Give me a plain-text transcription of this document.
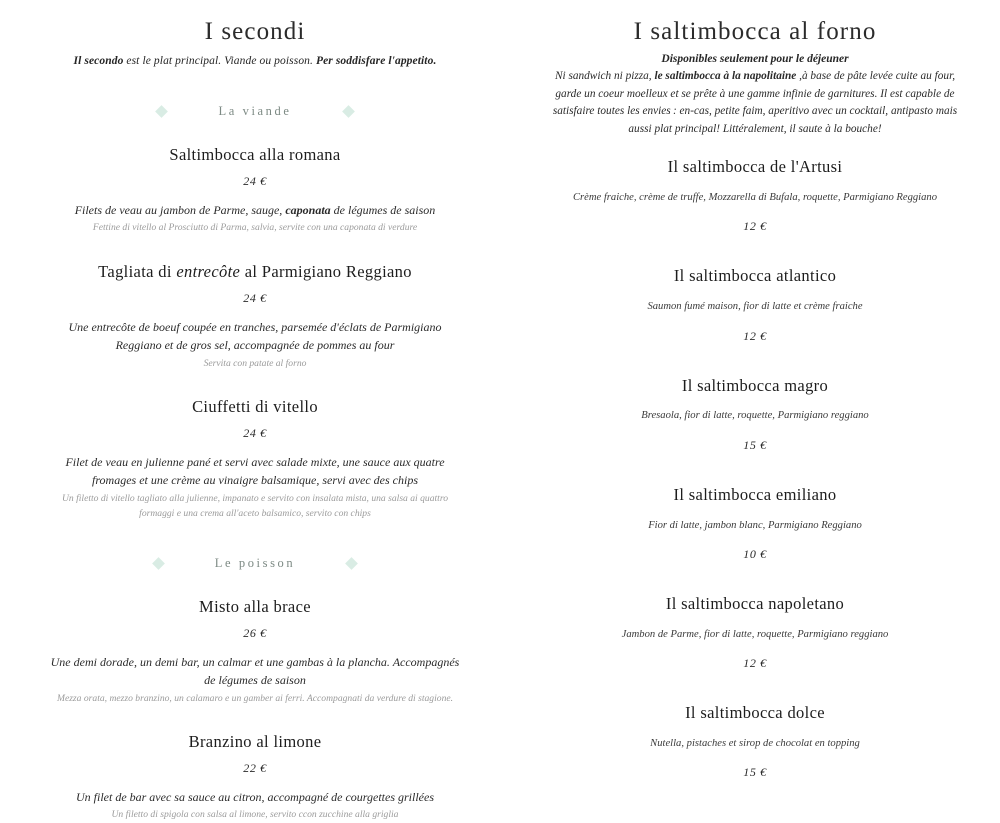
I secondi

Il secondo est le plat principal. Viande ou poisson. Per soddisfare l'appetito.

La viande
Saltimbocca alla romana
24 €
Filets de veau au jambon de Parme, sauge, caponata de légumes de saison
Fettine di vitello al Prosciutto di Parma, salvia, servite con una caponata di verdure
Tagliata di entrecôte al Parmigiano Reggiano
24 €
Une entrecôte de boeuf coupée en tranches, parsemée d'éclats de Parmigiano Reggiano et de gros sel, accompagnée de pommes au four
Servita con patate al forno
Ciuffetti di vitello
24 €
Filet de veau en julienne pané et servi avec salade mixte, une sauce aux quatre fromages et une crème au vinaigre balsamique, servi avec des chips
Un filetto di vitello tagliato alla julienne, impanato e servito con insalata mista, una salsa ai quattro formaggi e una crema all'aceto balsamico, servito con chips
Le poisson
Misto alla brace
26 €
Une demi dorade, un demi bar, un calmar et une gambas à la plancha. Accompagnés de légumes de saison
Mezza orata, mezzo branzino, un calamaro e un gamber ai ferri. Accompagnati da verdure di stagione.
Branzino al limone
22 €
Un filet de bar avec sa sauce au citron, accompagné de courgettes grillées
Un filetto di spigola con salsa al limone, servito ccon zucchine alla griglia
I saltimbocca al forno

Disponibles seulement pour le déjeuner

Ni sandwich ni pizza, le saltimbocca à la napolitaine ,à base de pâte levée cuite au four, garde un coeur moelleux et se prête à une gamme infinie de garnitures. Il est capable de satisfaire toutes les envies : en-cas, petite faim, aperitivo avec un cocktail, antipasto mais aussi plat principal! Littéralement, il saute à la bouche!

Il saltimbocca de l'Artusi
Crème fraiche, crème de truffe, Mozzarella di Bufala, roquette, Parmigiano Reggiano
12 €
Il saltimbocca atlantico
Saumon fumé maison, fior di latte et crème fraiche
12 €
Il saltimbocca magro
Bresaola, fior di latte, roquette, Parmigiano reggiano
15 €
Il saltimbocca emiliano
Fior di latte, jambon blanc, Parmigiano Reggiano
10 €
Il saltimbocca napoletano
Jambon de Parme, fior di latte, roquette, Parmigiano reggiano
12 €
Il saltimbocca dolce
Nutella, pistaches et sirop de chocolat en topping
15 €
